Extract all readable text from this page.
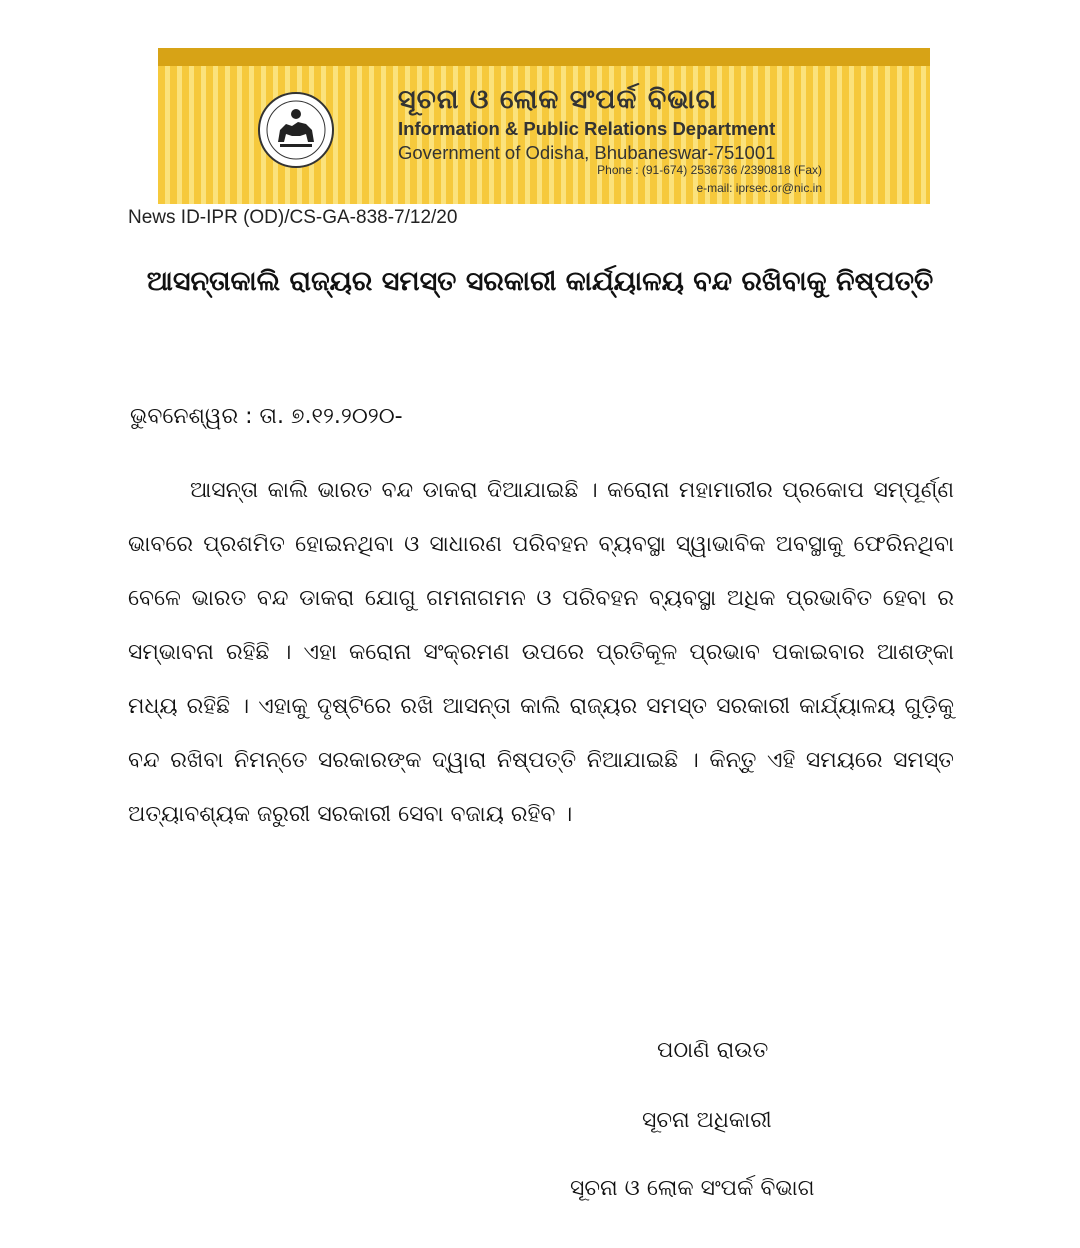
ସୂଚନା ଓ ଲୋକ ସଂପର୍କ ବିଭାଗ
Information & Public Relations Department
Government of Odisha, Bhubaneswar-751001
Phone : (91-674) 2536736 /2390818 (Fax)
e-mail: iprsec.or@nic.in
News ID-IPR (OD)/CS-GA-838-7/12/20
ଆସନ୍ତାକାଲି ରାଜ୍ୟର ସମସ୍ତ ସରକାରୀ କାର୍ଯ୍ୟାଳୟ ବନ୍ଦ ରଖିବାକୁ ନିଷ୍ପତ୍ତି
ଭୁବନେଶ୍ୱର : ତା. ୭.୧୨.୨୦୨୦-
ଆସନ୍ତା କାଲି ଭାରତ ବନ୍ଦ ଡାକରା ଦିଆଯାଇଛି । କରୋନା ମହାମାରୀର ପ୍ରକୋପ ସମ୍ପୂର୍ଣ୍ଣ ଭାବରେ ପ୍ରଶମିତ ହୋଇନଥିବା ଓ ସାଧାରଣ ପରିବହନ ବ୍ୟବସ୍ଥା ସ୍ୱାଭାବିକ ଅବସ୍ଥାକୁ ଫେରିନଥିବା ବେଳେ ଭାରତ ବନ୍ଦ ଡାକରା ଯୋଗୁ ଗମନାଗମନ ଓ ପରିବହନ ବ୍ୟବସ୍ଥା ଅଧିକ ପ୍ରଭାବିତ ହେବା ର ସମ୍ଭାବନା ରହିଛି । ଏହା କରୋନା ସଂକ୍ରମଣ ଉପରେ ପ୍ରତିକୂଳ ପ୍ରଭାବ ପକାଇବାର ଆଶଙ୍କା ମଧ୍ୟ ରହିଛି । ଏହାକୁ ଦୃଷ୍ଟିରେ ରଖି ଆସନ୍ତା କାଲି ରାଜ୍ୟର ସମସ୍ତ ସରକାରୀ କାର୍ଯ୍ୟାଳୟ ଗୁଡ଼ିକୁ ବନ୍ଦ ରଖିବା ନିମନ୍ତେ ସରକାରଙ୍କ ଦ୍ୱାରା ନିଷ୍ପତ୍ତି ନିଆଯାଇଛି । କିନ୍ତୁ ଏହି ସମୟରେ ସମସ୍ତ ଅତ୍ୟାବଶ୍ୟକ ଜରୁରୀ ସରକାରୀ ସେବା ବଜାୟ ରହିବ ।
ପଠାଣି ରାଉତ
ସୂଚନା ଅଧିକାରୀ
ସୂଚନା ଓ ଲୋକ ସଂପର୍କ ବିଭାଗ
